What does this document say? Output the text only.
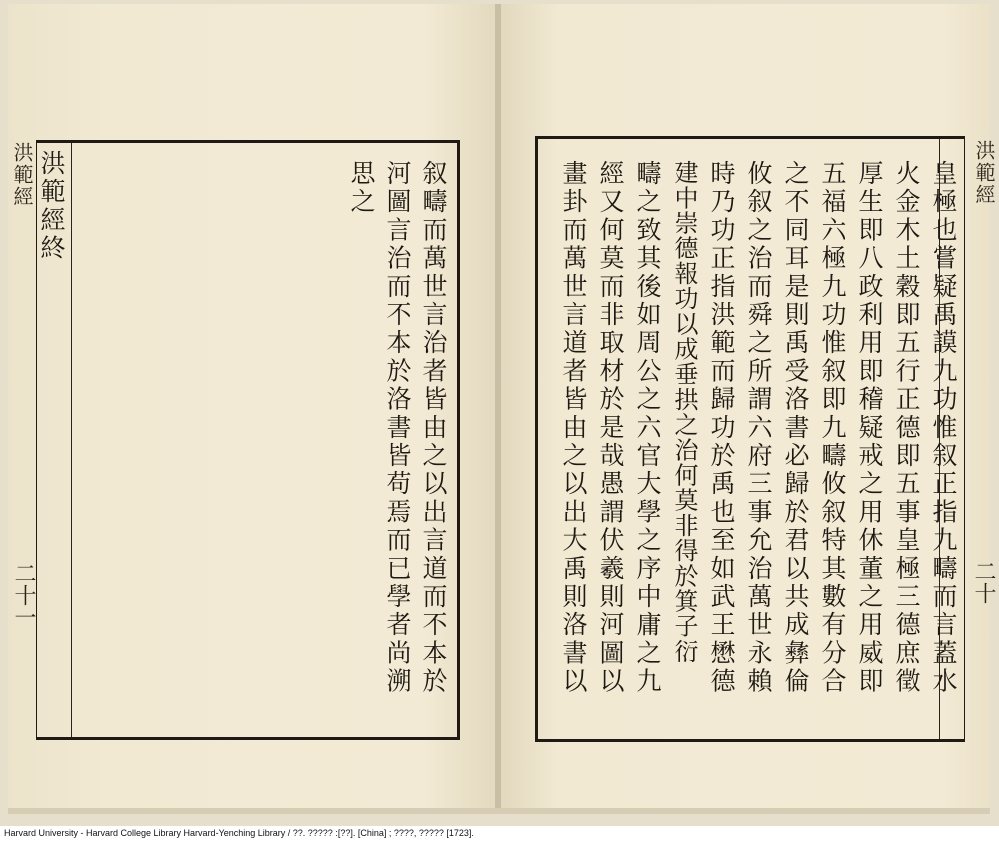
洪範經
二十一
洪範經終	叙疇而萬世言治者皆由之以出言道而不本於
河圖言治而不本於洛書皆苟焉而已學者尚溯
思之	洪範經
二十
皇極也嘗疑禹謨九功惟叙正指九疇而言蓋水
火金木土穀即五行正德即五事皇極三德庶徵
厚生即八政利用即稽疑戒之用休董之用威即
五福六極九功惟叙即九疇攸叙特其數有分合
之不同耳是則禹受洛書必歸於君以共成彝倫
攸叙之治而舜之所謂六府三事允治萬世永賴
時乃功正指洪範而歸功於禹也至如武王懋德
建中崇德報功以成垂拱之治何莫非得於箕子衍
疇之致其後如周公之六官大學之序中庸之九
經又何莫而非取材於是哉愚謂伏羲則河圖以
畫卦而萬世言道者皆由之以出大禹則洛書以
Harvard University - Harvard College Library Harvard-Yenching Library / ??. ????? :[??]. [China] ; ????, ????? [1723].
